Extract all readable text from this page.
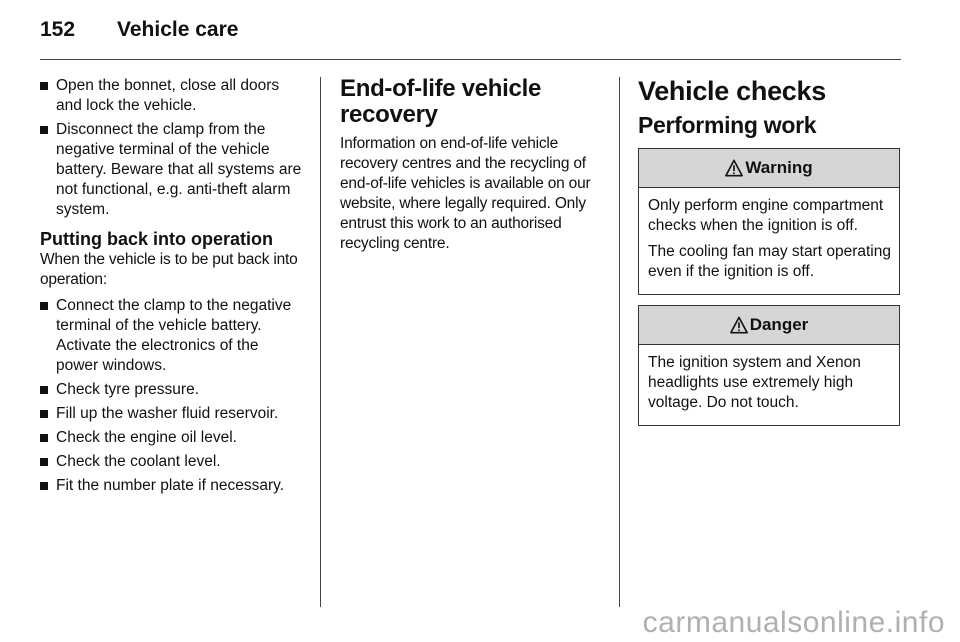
152 Vehicle care
Open the bonnet, close all doors and lock the vehicle.
Disconnect the clamp from the negative terminal of the vehicle battery. Beware that all systems are not functional, e.g. anti-theft alarm system.
Putting back into operation

When the vehicle is to be put back into operation:

Connect the clamp to the negative terminal of the vehicle battery. Activate the electronics of the power windows.
Check tyre pressure.
Fill up the washer fluid reservoir.
Check the engine oil level.
Check the coolant level.
Fit the number plate if necessary.
End-of-life vehicle recovery

Information on end-of-life vehicle recovery centres and the recycling of end-of-life vehicles is available on our website, where legally required. Only entrust this work to an authorised recycling centre.

Vehicle checks
Performing work
Warning

Only perform engine compartment checks when the ignition is off.

The cooling fan may start operating even if the ignition is off.

Danger

The ignition system and Xenon headlights use extremely high voltage. Do not touch.

carmanualsonline.info
